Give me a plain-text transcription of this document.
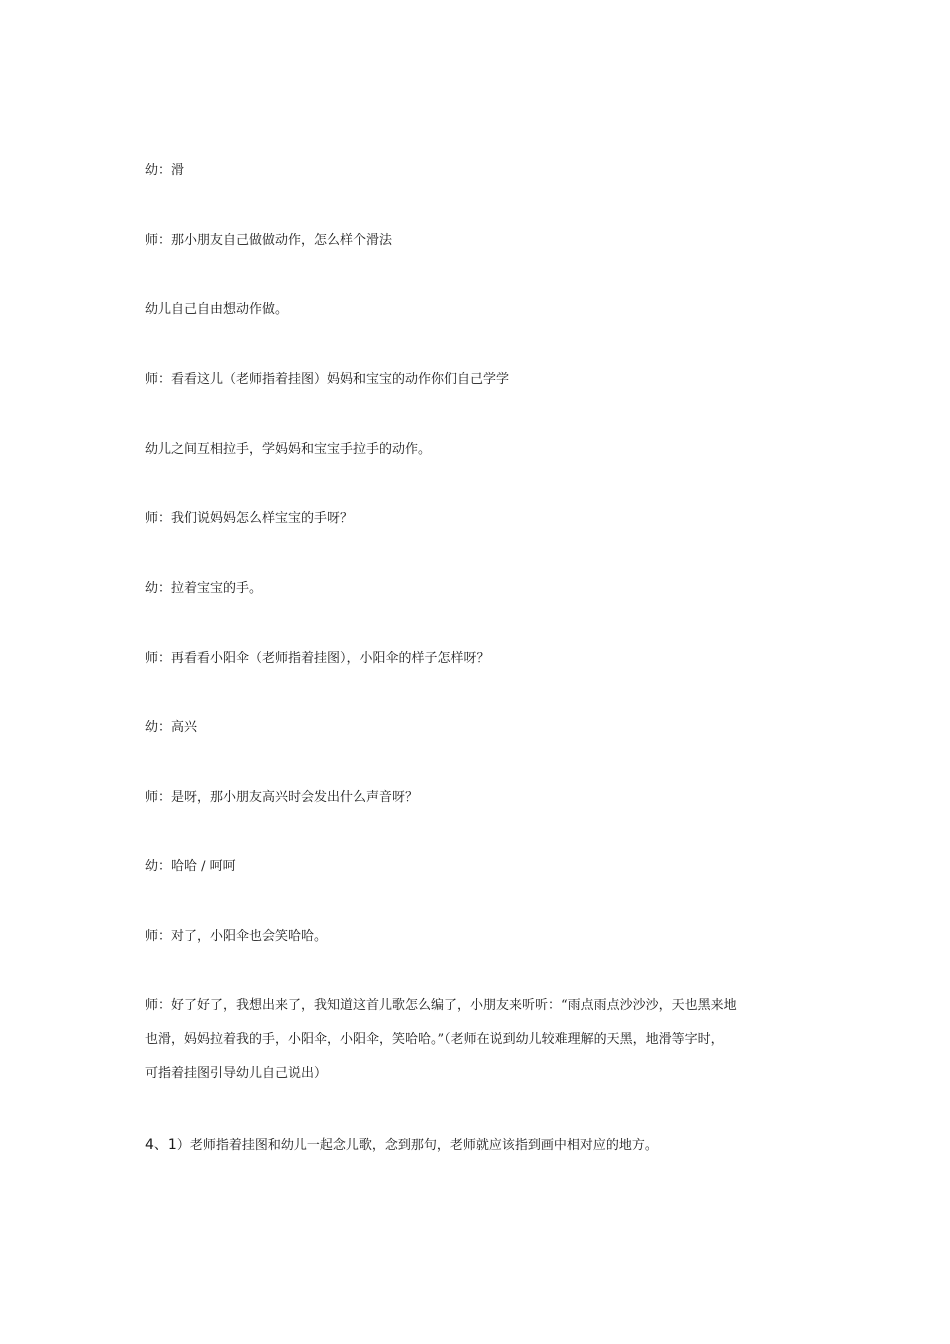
幼：滑

师：那小朋友自己做做动作，怎么样个滑法

幼儿自己自由想动作做。

师：看看这儿（老师指着挂图）妈妈和宝宝的动作你们自己学学

幼儿之间互相拉手，学妈妈和宝宝手拉手的动作。

师：我们说妈妈怎么样宝宝的手呀？

幼：拉着宝宝的手。

师：再看看小阳伞（老师指着挂图），小阳伞的样子怎样呀？

幼：高兴

师：是呀，那小朋友高兴时会发出什么声音呀？

幼：哈哈 / 呵呵

师：对了，小阳伞也会笑哈哈。

师：好了好了，我想出来了，我知道这首儿歌怎么编了，小朋友来听听：“雨点雨点沙沙沙，天也黑来地
也滑，妈妈拉着我的手，小阳伞，小阳伞，笑哈哈。”（老师在说到幼儿较难理解的天黑，地滑等字时，
可指着挂图引导幼儿自己说出）

4、1）老师指着挂图和幼儿一起念儿歌，念到那句，老师就应该指到画中相对应的地方。
